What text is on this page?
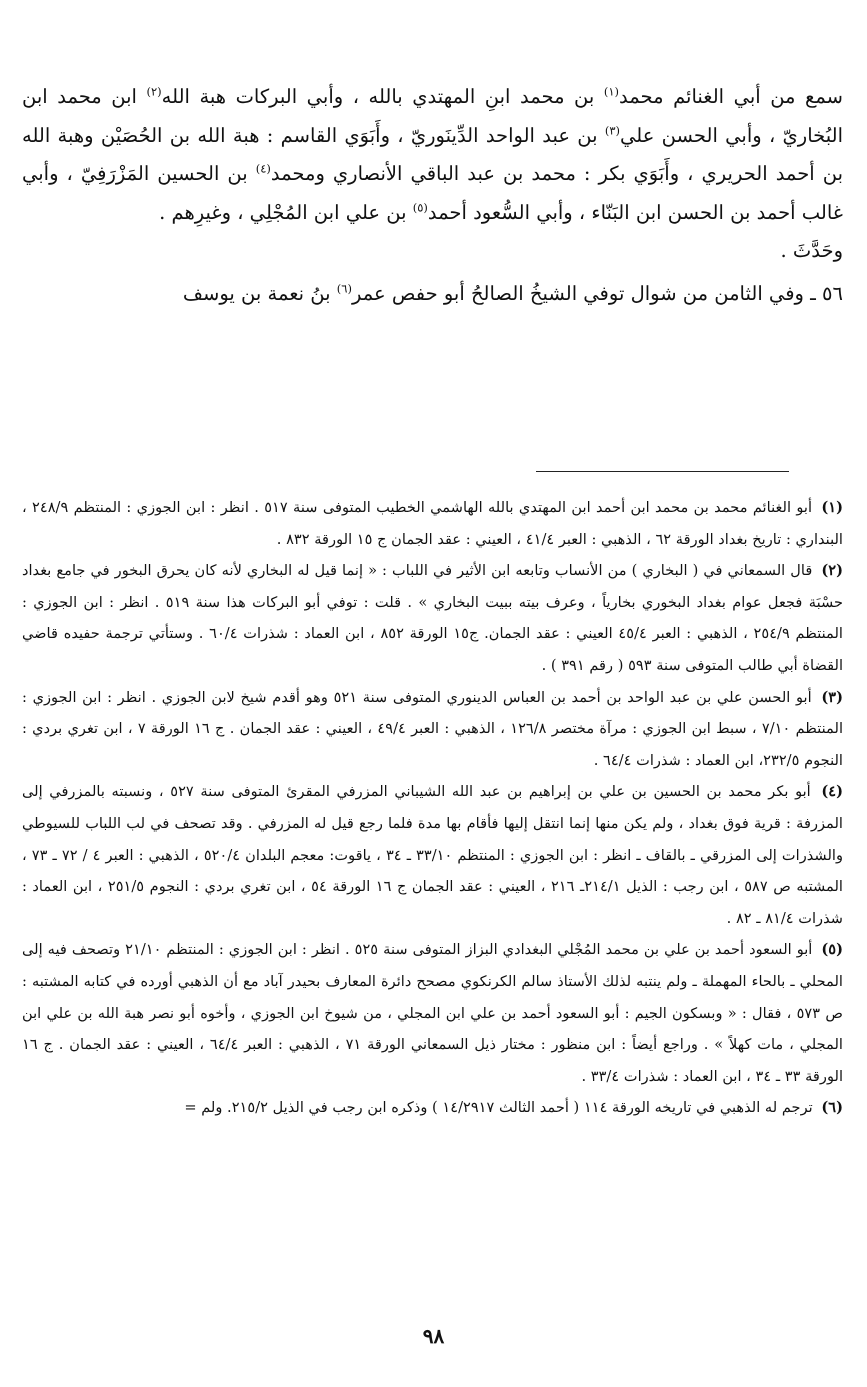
سمع من أبي الغنائم محمد$^{(١)}$ بن محمد ابنِ المهتدي بالله ، وأبي البركات هبة الله$^{(٢)}$ ابن محمد ابن البُخاريّ ، وأبي الحسن علي$^{(٣)}$ بن عبد الواحد الدِّينَوريّ ، وأَبَوَي القاسم : هبة الله بن الحُصَيْن وهبة الله بن أحمد الحريري ، وأَبَوَي بكر : محمد بن عبد الباقي الأنصاري ومحمد$^{(٤)}$ بن الحسين المَزْرَفِيّ ، وأبي غالب أحمد بن الحسن ابن البَنّاء ، وأبي السُّعود أحمد$^{(٥)}$ بن علي ابن المُجْلِي ، وغيرِهم .

وحَدَّثَ .

٥٦ ـ وفي الثامن من شوال توفي الشيخُ الصالحُ أبو حفص عمر$^{(٦)}$ بنُ نعمة بن يوسف

(١) أبو الغنائم محمد بن محمد ابن أحمد ابن المهتدي بالله الهاشمي الخطيب المتوفى سنة ٥١٧ . انظر : ابن الجوزي : المنتظم ٢٤٨/٩ ، البنداري : تاريخ بغداد الورقة ٦٢ ، الذهبي : العبر ٤١/٤ ، العيني : عقد الجمان ج ١٥ الورقة ٨٣٢ .

(٢) قال السمعاني في ( البخاري ) من الأنساب وتابعه ابن الأثير في اللباب : « إنما قيل له البخاري لأنه كان يحرق البخور في جامع بغداد حسْبَة فجعل عوام بغداد البخوري بخارياً ، وعرف بيته ببيت البخاري » . قلت : توفي أبو البركات هذا سنة ٥١٩ . انظر : ابن الجوزي : المنتظم ٢٥٤/٩ ، الذهبي : العبر ٤٥/٤ العيني : عقد الجمان. ج١٥ الورقة ٨٥٢ ، ابن العماد : شذرات ٦٠/٤ . وستأتي ترجمة حفيده قاضي القضاة أبي طالب المتوفى سنة ٥٩٣ ( رقم ٣٩١ ) .

(٣) أبو الحسن علي بن عبد الواحد بن أحمد بن العباس الدينوري المتوفى سنة ٥٢١ وهو أقدم شيخ لابن الجوزي . انظر : ابن الجوزي : المنتظم ٧/١٠ ، سبط ابن الجوزي : مرآة مختصر ١٢٦/٨ ، الذهبي : العبر ٤٩/٤ ، العيني : عقد الجمان . ج ١٦ الورقة ٧ ، ابن تغري بردي : النجوم ٢٣٢/٥، ابن العماد : شذرات ٦٤/٤ .

(٤) أبو بكر محمد بن الحسين بن علي بن إبراهيم بن عبد الله الشيباني المزرفي المقرئ المتوفى سنة ٥٢٧ ، ونسبته بالمزرفي إلى المزرفة : قرية فوق بغداد ، ولم يكن منها إنما انتقل إليها فأقام بها مدة فلما رجع قيل له المزرفي . وقد تصحف في لب اللباب للسيوطي والشذرات إلى المزرقي ـ بالقاف ـ انظر : ابن الجوزي : المنتظم ٣٣/١٠ ـ ٣٤ ، ياقوت: معجم البلدان ٥٢٠/٤ ، الذهبي : العبر ٤ / ٧٢ ـ ٧٣ ، المشتبه ص ٥٨٧ ، ابن رجب : الذيل ٢١٤/١ـ ٢١٦ ، العيني : عقد الجمان ج ١٦ الورقة ٥٤ ، ابن تغري بردي : النجوم ٢٥١/٥ ، ابن العماد : شذرات ٨١/٤ ـ ٨٢ .

(٥) أبو السعود أحمد بن علي بن محمد المُجْلي البغدادي البزاز المتوفى سنة ٥٢٥ . انظر : ابن الجوزي : المنتظم ٢١/١٠ وتصحف فيه إلى المحلي ـ بالحاء المهملة ـ ولم ينتبه لذلك الأستاذ سالم الكرنكوي مصحح دائرة المعارف بحيدر آباد مع أن الذهبي أورده في كتابه المشتبه : ص ٥٧٣ ، فقال : « وبسكون الجيم : أبو السعود أحمد بن علي ابن المجلي ، من شيوخ ابن الجوزي ، وأخوه أبو نصر هبة الله بن علي ابن المجلي ، مات كهلاً » . وراجع أيضاً : ابن منظور : مختار ذيل السمعاني الورقة ٧١ ، الذهبي : العبر ٦٤/٤ ، العيني : عقد الجمان . ج ١٦ الورقة ٣٣ ـ ٣٤ ، ابن العماد : شذرات ٣٣/٤ .

(٦) ترجم له الذهبي في تاريخه الورقة ١١٤ ( أحمد الثالث ١٤/٢٩١٧ ) وذكره ابن رجب في الذيل ٢١٥/٢. ولم =

٩٨
